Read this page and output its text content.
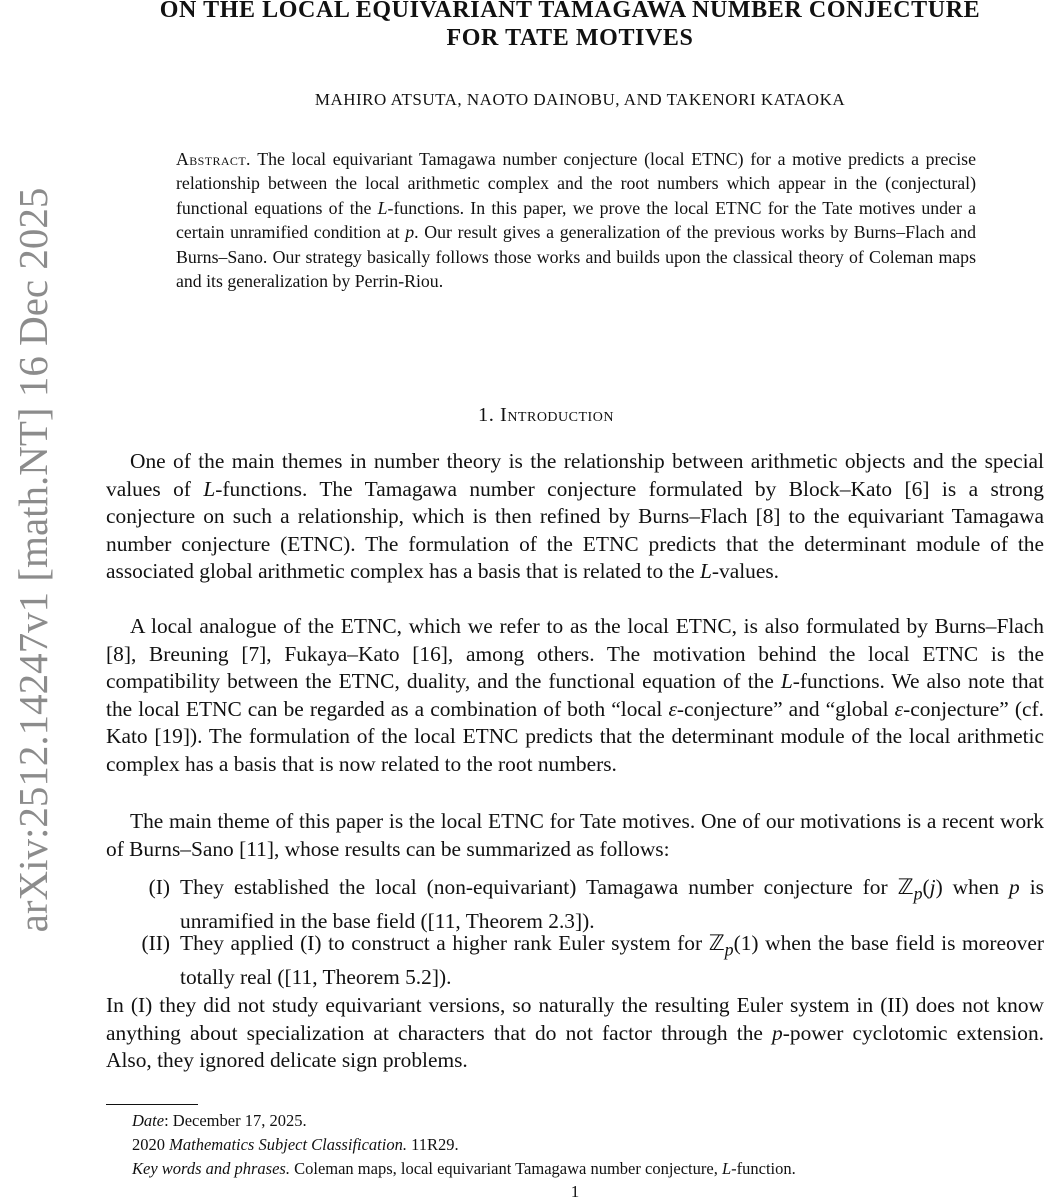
arXiv:2512.14247v1 [math.NT] 16 Dec 2025
ON THE LOCAL EQUIVARIANT TAMAGAWA NUMBER CONJECTURE
FOR TATE MOTIVES
MAHIRO ATSUTA, NAOTO DAINOBU, AND TAKENORI KATAOKA
Abstract. The local equivariant Tamagawa number conjecture (local ETNC) for a motive predicts a precise relationship between the local arithmetic complex and the root numbers which appear in the (conjectural) functional equations of the L-functions. In this paper, we prove the local ETNC for the Tate motives under a certain unramified condition at p. Our result gives a generalization of the previous works by Burns–Flach and Burns–Sano. Our strategy basically follows those works and builds upon the classical theory of Coleman maps and its generalization by Perrin-Riou.
1. Introduction

One of the main themes in number theory is the relationship between arithmetic objects and the special values of L-functions. The Tamagawa number conjecture formulated by Block–Kato [6] is a strong conjecture on such a relationship, which is then refined by Burns–Flach [8] to the equivariant Tamagawa number conjecture (ETNC). The formulation of the ETNC predicts that the determinant module of the associated global arithmetic complex has a basis that is related to the L-values.

A local analogue of the ETNC, which we refer to as the local ETNC, is also formulated by Burns–Flach [8], Breuning [7], Fukaya–Kato [16], among others. The motivation behind the local ETNC is the compatibility between the ETNC, duality, and the functional equation of the L-functions. We also note that the local ETNC can be regarded as a combination of both “local ε-conjecture” and “global ε-conjecture” (cf. Kato [19]). The formulation of the local ETNC predicts that the determinant module of the local arithmetic complex has a basis that is now related to the root numbers.

The main theme of this paper is the local ETNC for Tate motives. One of our motivations is a recent work of Burns–Sano [11], whose results can be summarized as follows:

(I) They established the local (non-equivariant) Tamagawa number conjecture for ℤ$_p$(j) when p is unramified in the base field ([11, Theorem 2.3]).
(II) They applied (I) to construct a higher rank Euler system for ℤ$_p$(1) when the base field is moreover totally real ([11, Theorem 5.2]).

In (I) they did not study equivariant versions, so naturally the resulting Euler system in (II) does not know anything about specialization at characters that do not factor through the p-power cyclotomic extension. Also, they ignored delicate sign problems.

Date: December 17, 2025.
2020 Mathematics Subject Classification. 11R29.
Key words and phrases. Coleman maps, local equivariant Tamagawa number conjecture, L-function.
1
